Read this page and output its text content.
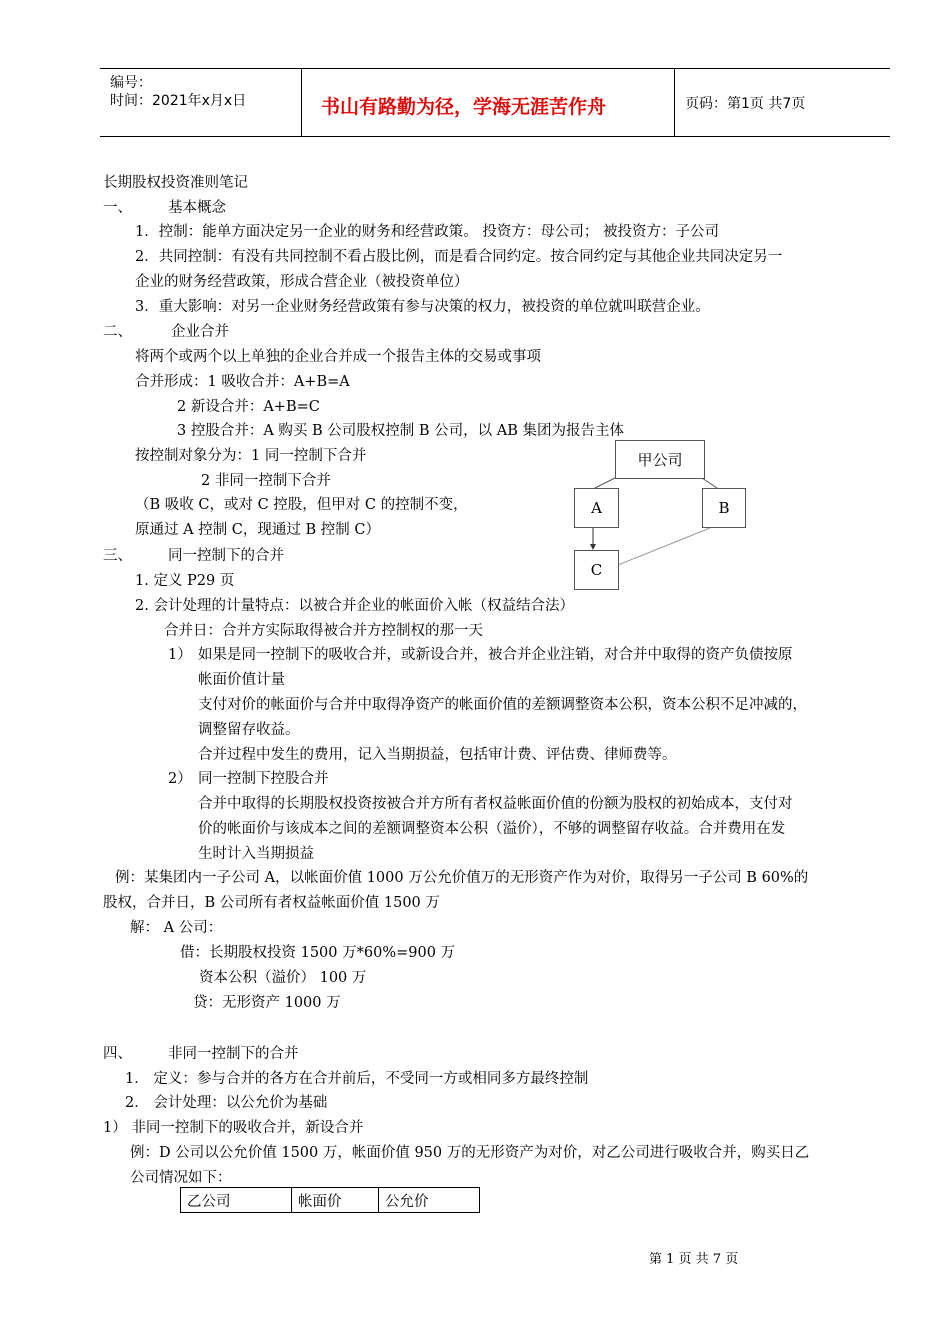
编号：
时间：2021年x月x日	书山有路勤为径，学海无涯苦作舟	页码：第1页 共7页
长期股权投资准则笔记
一、 基本概念
1．控制：能单方面决定另一企业的财务和经营政策。 投资方：母公司； 被投资方：子公司
2．共同控制：有没有共同控制不看占股比例，而是看合同约定。按合同约定与其他企业共同决定另一
企业的财务经营政策，形成合营企业（被投资单位）
3．重大影响：对另一企业财务经营政策有参与决策的权力，被投资的单位就叫联营企业。
二、	企业合并
将两个或两个以上单独的企业合并成一个报告主体的交易或事项
合并形成：1 吸收合并：A+B=A
2 新设合并：A+B=C
3 控股合并：A 购买 B 公司股权控制 B 公司，以 AB 集团为报告主体
按控制对象分为：1 同一控制下合并
2 非同一控制下合并
（B 吸收 C，或对 C 控股，但甲对 C 的控制不变，
原通过 A 控制 C，现通过 B 控制 C）
甲公司
A	B
C
三、 同一控制下的合并
1. 定义 P29 页
2. 会计处理的计量特点：以被合并企业的帐面价入帐（权益结合法）
合并日：合并方实际取得被合并方控制权的那一天
1） 如果是同一控制下的吸收合并，或新设合并，被合并企业注销，对合并中取得的资产负债按原
帐面价值计量
支付对价的帐面价与合并中取得净资产的帐面价值的差额调整资本公积，资本公积不足冲减的，
调整留存收益。
合并过程中发生的费用，记入当期损益，包括审计费、评估费、律师费等。
2） 同一控制下控股合并
合并中取得的长期股权投资按被合并方所有者权益帐面价值的份额为股权的初始成本，支付对
价的帐面价与该成本之间的差额调整资本公积（溢价），不够的调整留存收益。合并费用在发
生时计入当期损益
例：某集团内一子公司 A，以帐面价值 1000 万公允价值万的无形资产作为对价，取得另一子公司 B 60%的
股权，合并日，B 公司所有者权益帐面价值 1500 万
解： A 公司：
借：长期股权投资 1500 万*60%=900 万
资本公积（溢价） 100 万
贷：无形资产 1000 万
四、 非同一控制下的合并
1． 定义：参与合并的各方在合并前后，不受同一方或相同多方最终控制
2． 会计处理：以公允价为基础
1） 非同一控制下的吸收合并，新设合并
例：D 公司以公允价值 1500 万，帐面价值 950 万的无形资产为对价，对乙公司进行吸收合并，购买日乙
公司情况如下：
乙公司	帐面价	公允价
第 1 页 共 7 页
